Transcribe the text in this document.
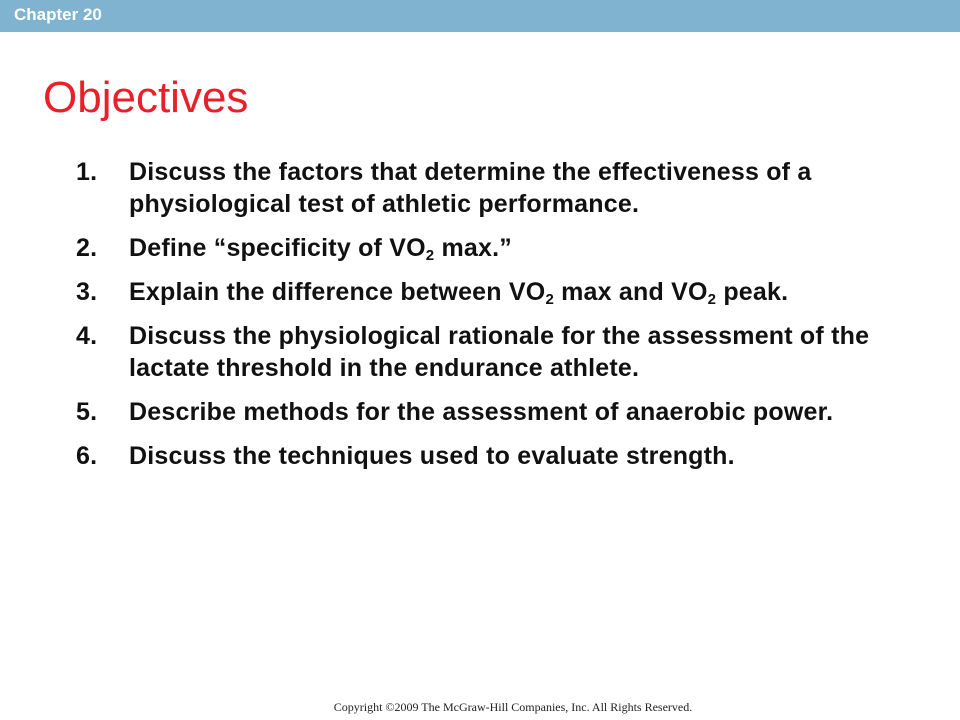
Chapter 20
Objectives
1. Discuss the factors that determine the effectiveness of a physiological test of athletic performance.
2. Define “specificity of $VO_2$ max.”
3. Explain the difference between $VO_2$ max and $VO_2$ peak.
4. Discuss the physiological rationale for the assessment of the lactate threshold in the endurance athlete.
5. Describe methods for the assessment of anaerobic power.
6. Discuss the techniques used to evaluate strength.
Copyright ©2009 The McGraw-Hill Companies, Inc. All Rights Reserved.
